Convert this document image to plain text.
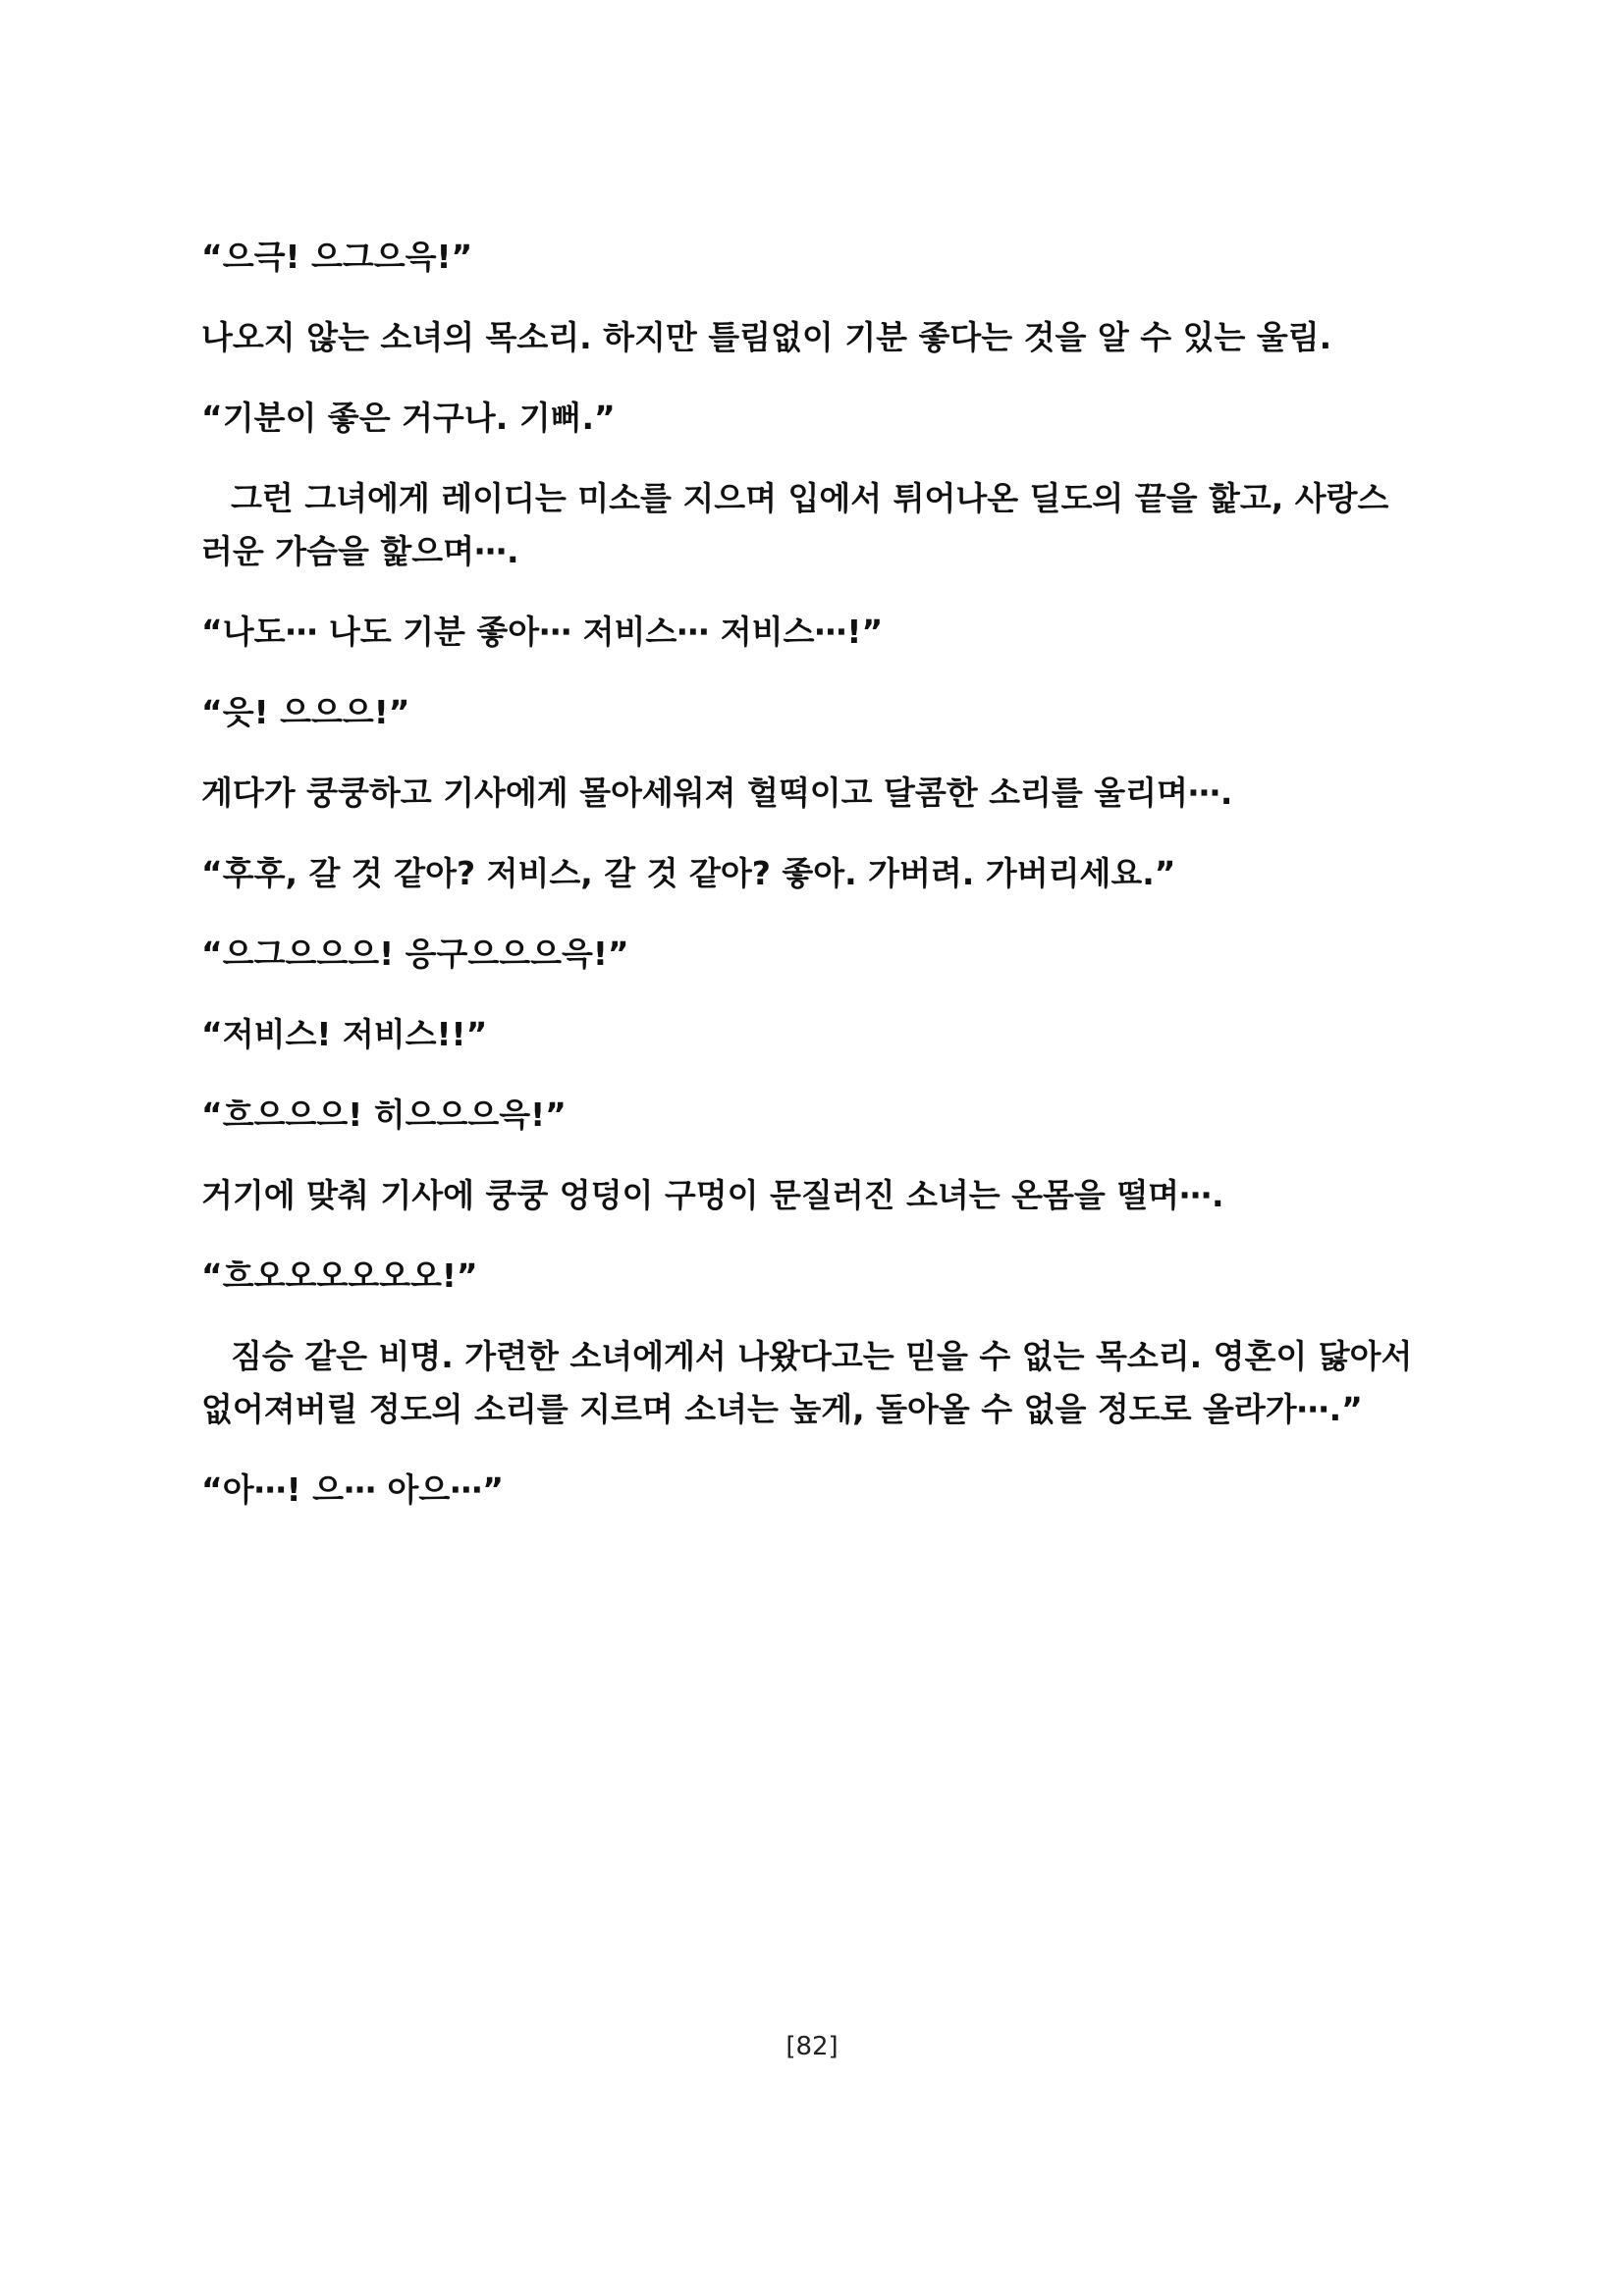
“으극! 으그으윽!”
나오지 않는 소녀의 목소리. 하지만 틀림없이 기분 좋다는 것을 알 수 있는 울림.
“기분이 좋은 거구나. 기뻐.”
그런 그녀에게 레이디는 미소를 지으며 입에서 튀어나온 딜도의 끝을 핥고, 사랑스
러운 가슴을 핥으며⋯.
“나도⋯ 나도 기분 좋아⋯ 저비스⋯ 저비스⋯!”
“읏! 으으으!”
게다가 쿵쿵하고 기사에게 몰아세워져 헐떡이고 달콤한 소리를 울리며⋯.
“후후, 갈 것 같아? 저비스, 갈 것 같아? 좋아. 가버려. 가버리세요.”
“으그으으으! 응구으으으윽!”
“저비스! 저비스!!”
“흐으으으! 히으으으윽!”
거기에 맞춰 기사에 쿵쿵 엉덩이 구멍이 문질러진 소녀는 온몸을 떨며⋯.
“흐오오오오오오!”
짐승 같은 비명. 가련한 소녀에게서 나왔다고는 믿을 수 없는 목소리. 영혼이 닳아서
없어져버릴 정도의 소리를 지르며 소녀는 높게, 돌아올 수 없을 정도로 올라가⋯.”
“아⋯! 으⋯ 아으⋯”
[82]
